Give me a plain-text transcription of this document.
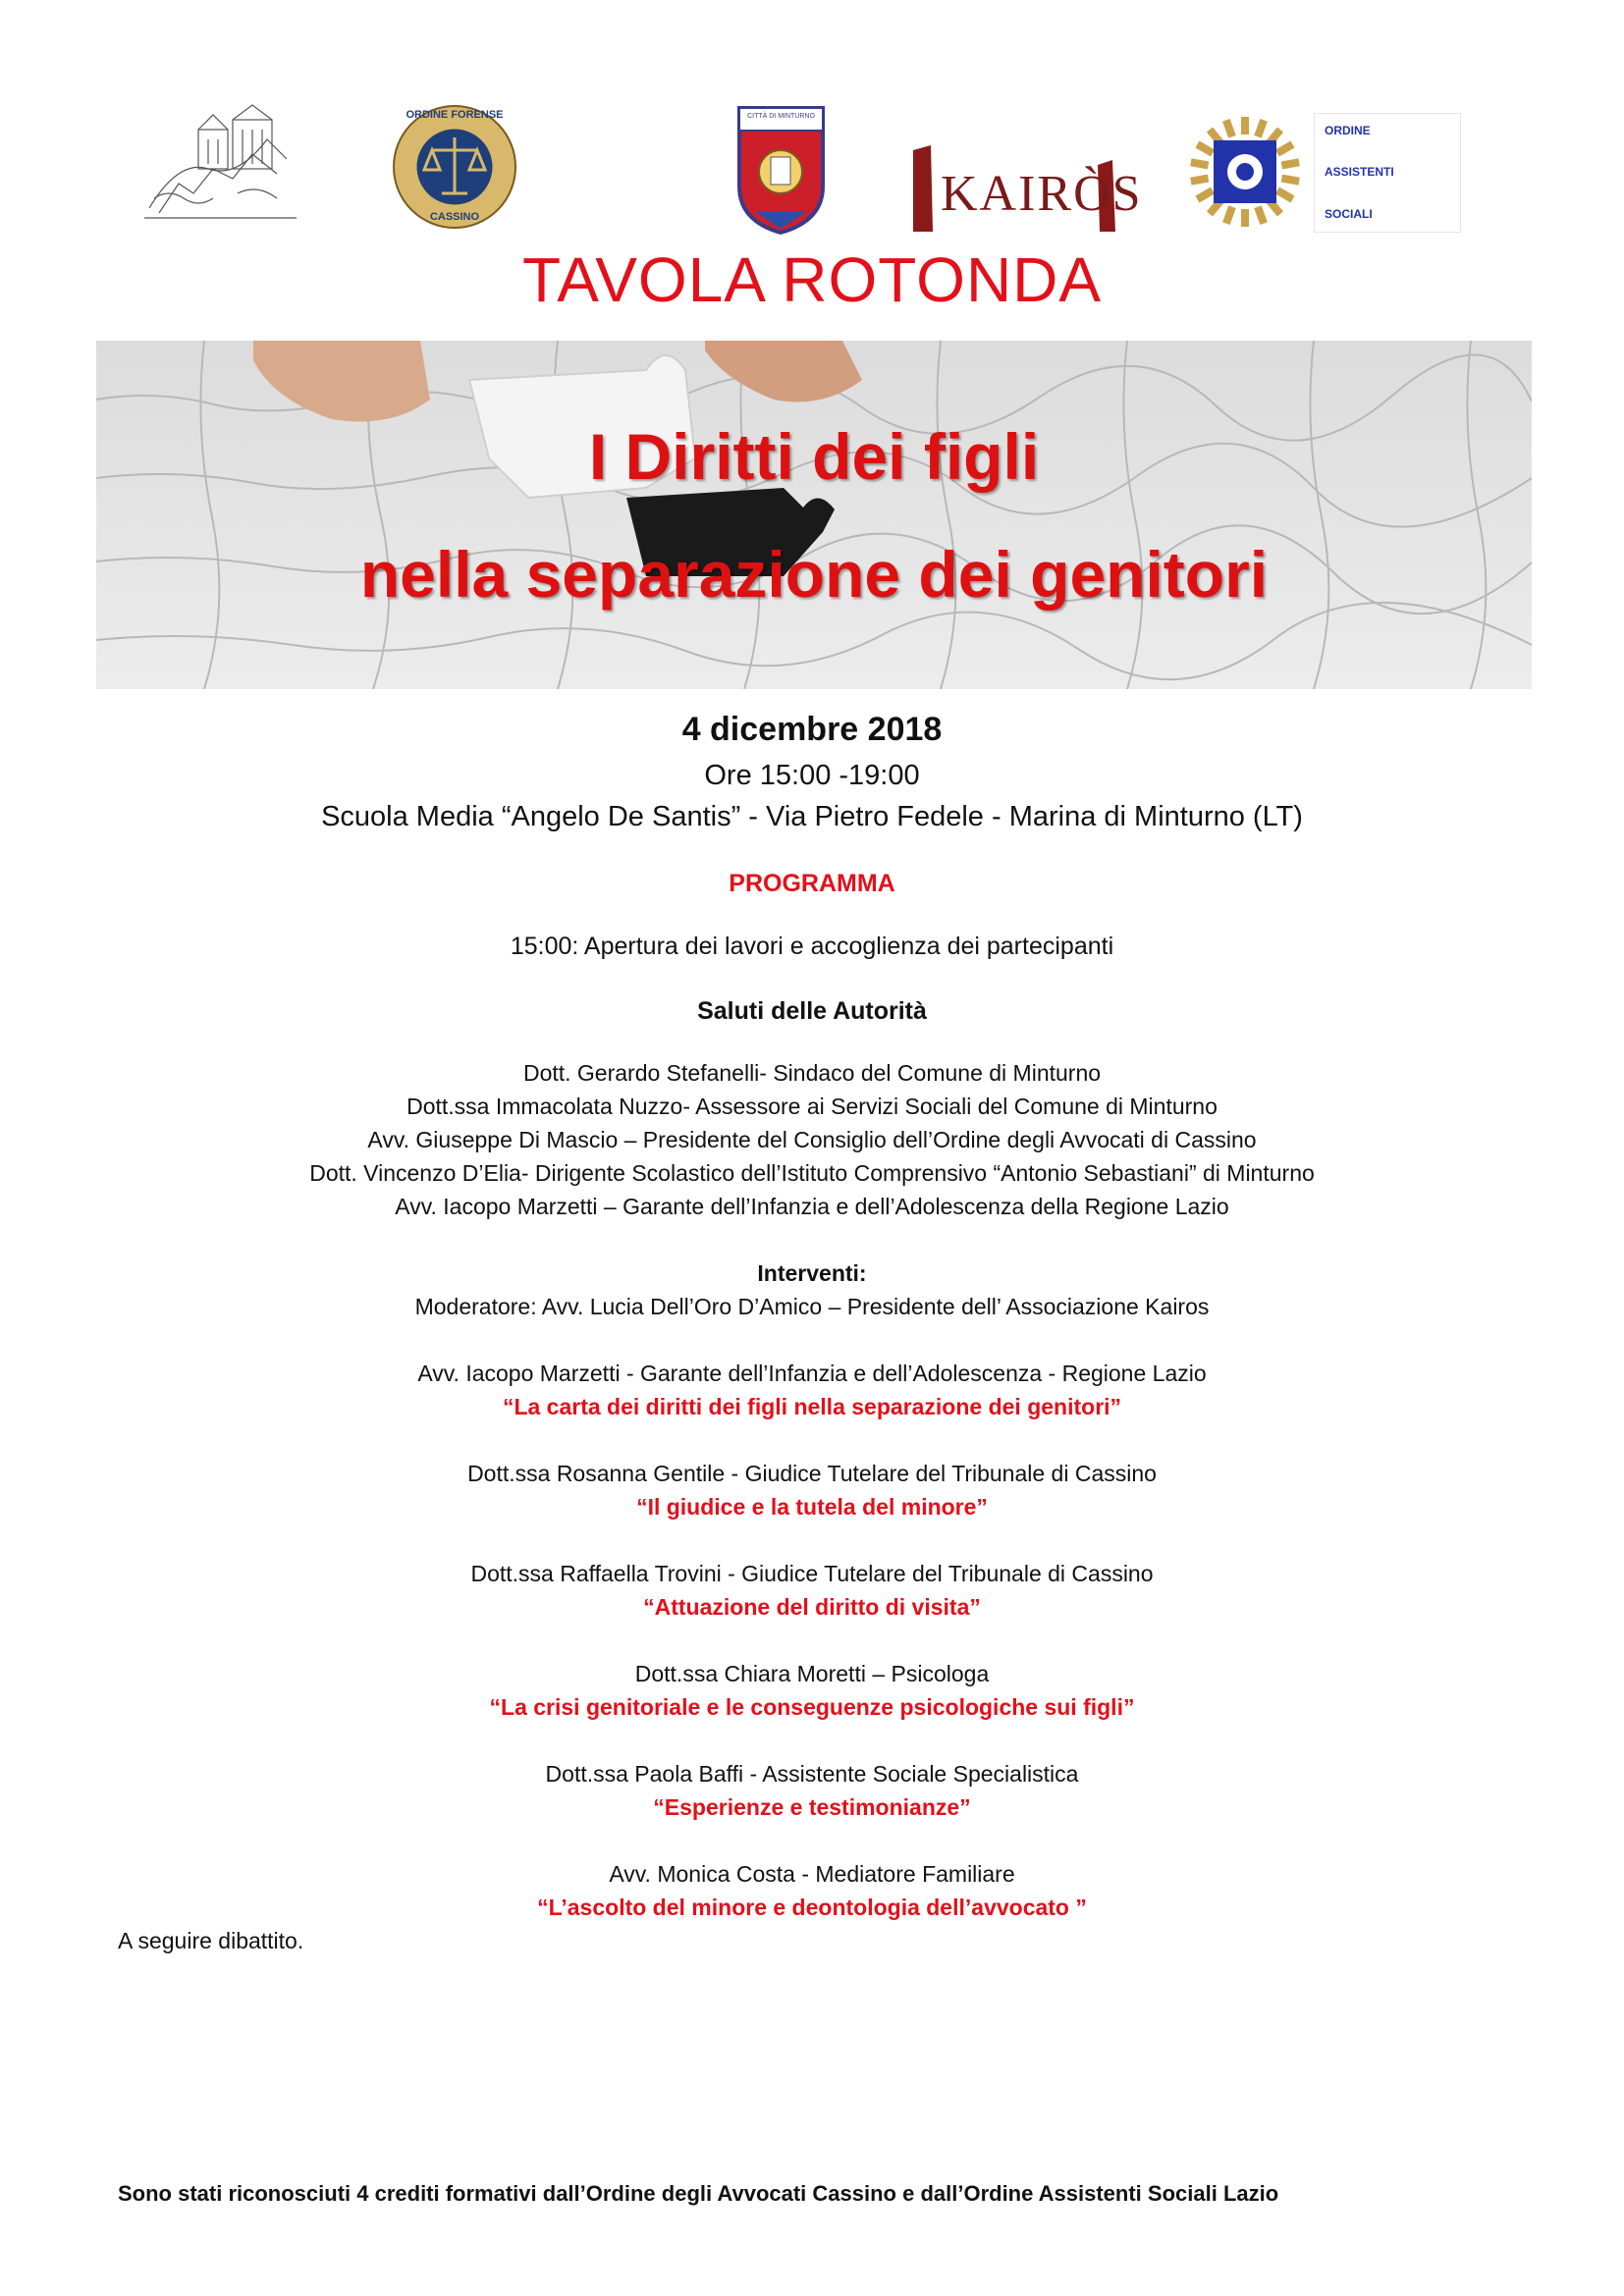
ORDINE FORENSE
CASSINO
CITTÀ DI MINTURNO
KAIRÒS
ORDINE
ASSISTENTI
SOCIALI
TAVOLA ROTONDA
I Diritti dei figli
nella separazione dei genitori
4 dicembre 2018
Ore 15:00 -19:00
Scuola Media “Angelo De Santis” - Via Pietro Fedele - Marina di Minturno (LT)
PROGRAMMA
15:00: Apertura dei lavori e accoglienza dei partecipanti
Saluti delle Autorità
Dott. Gerardo Stefanelli- Sindaco del Comune di Minturno
Dott.ssa Immacolata Nuzzo- Assessore ai Servizi Sociali del Comune di Minturno
Avv. Giuseppe Di Mascio – Presidente del Consiglio dell’Ordine degli Avvocati di Cassino
Dott. Vincenzo D’Elia- Dirigente Scolastico dell’Istituto Comprensivo “Antonio Sebastiani” di Minturno
Avv. Iacopo Marzetti – Garante dell’Infanzia e dell’Adolescenza della Regione Lazio
Interventi:
Moderatore: Avv. Lucia Dell’Oro D’Amico – Presidente dell’ Associazione Kairos
Avv. Iacopo Marzetti - Garante dell’Infanzia e dell’Adolescenza - Regione Lazio
“La carta dei diritti dei figli nella separazione dei genitori”
Dott.ssa Rosanna Gentile - Giudice Tutelare del Tribunale di Cassino
“Il giudice e la tutela del minore”
Dott.ssa Raffaella Trovini - Giudice Tutelare del Tribunale di Cassino
“Attuazione del diritto di visita”
Dott.ssa Chiara Moretti – Psicologa
“La crisi genitoriale e le conseguenze psicologiche sui figli”
Dott.ssa Paola Baffi - Assistente Sociale Specialistica
“Esperienze e testimonianze”
Avv. Monica Costa - Mediatore Familiare
“L’ascolto del minore e deontologia dell’avvocato ”
A seguire dibattito.
Sono stati riconosciuti 4 crediti formativi dall’Ordine degli Avvocati Cassino e dall’Ordine Assistenti Sociali Lazio
